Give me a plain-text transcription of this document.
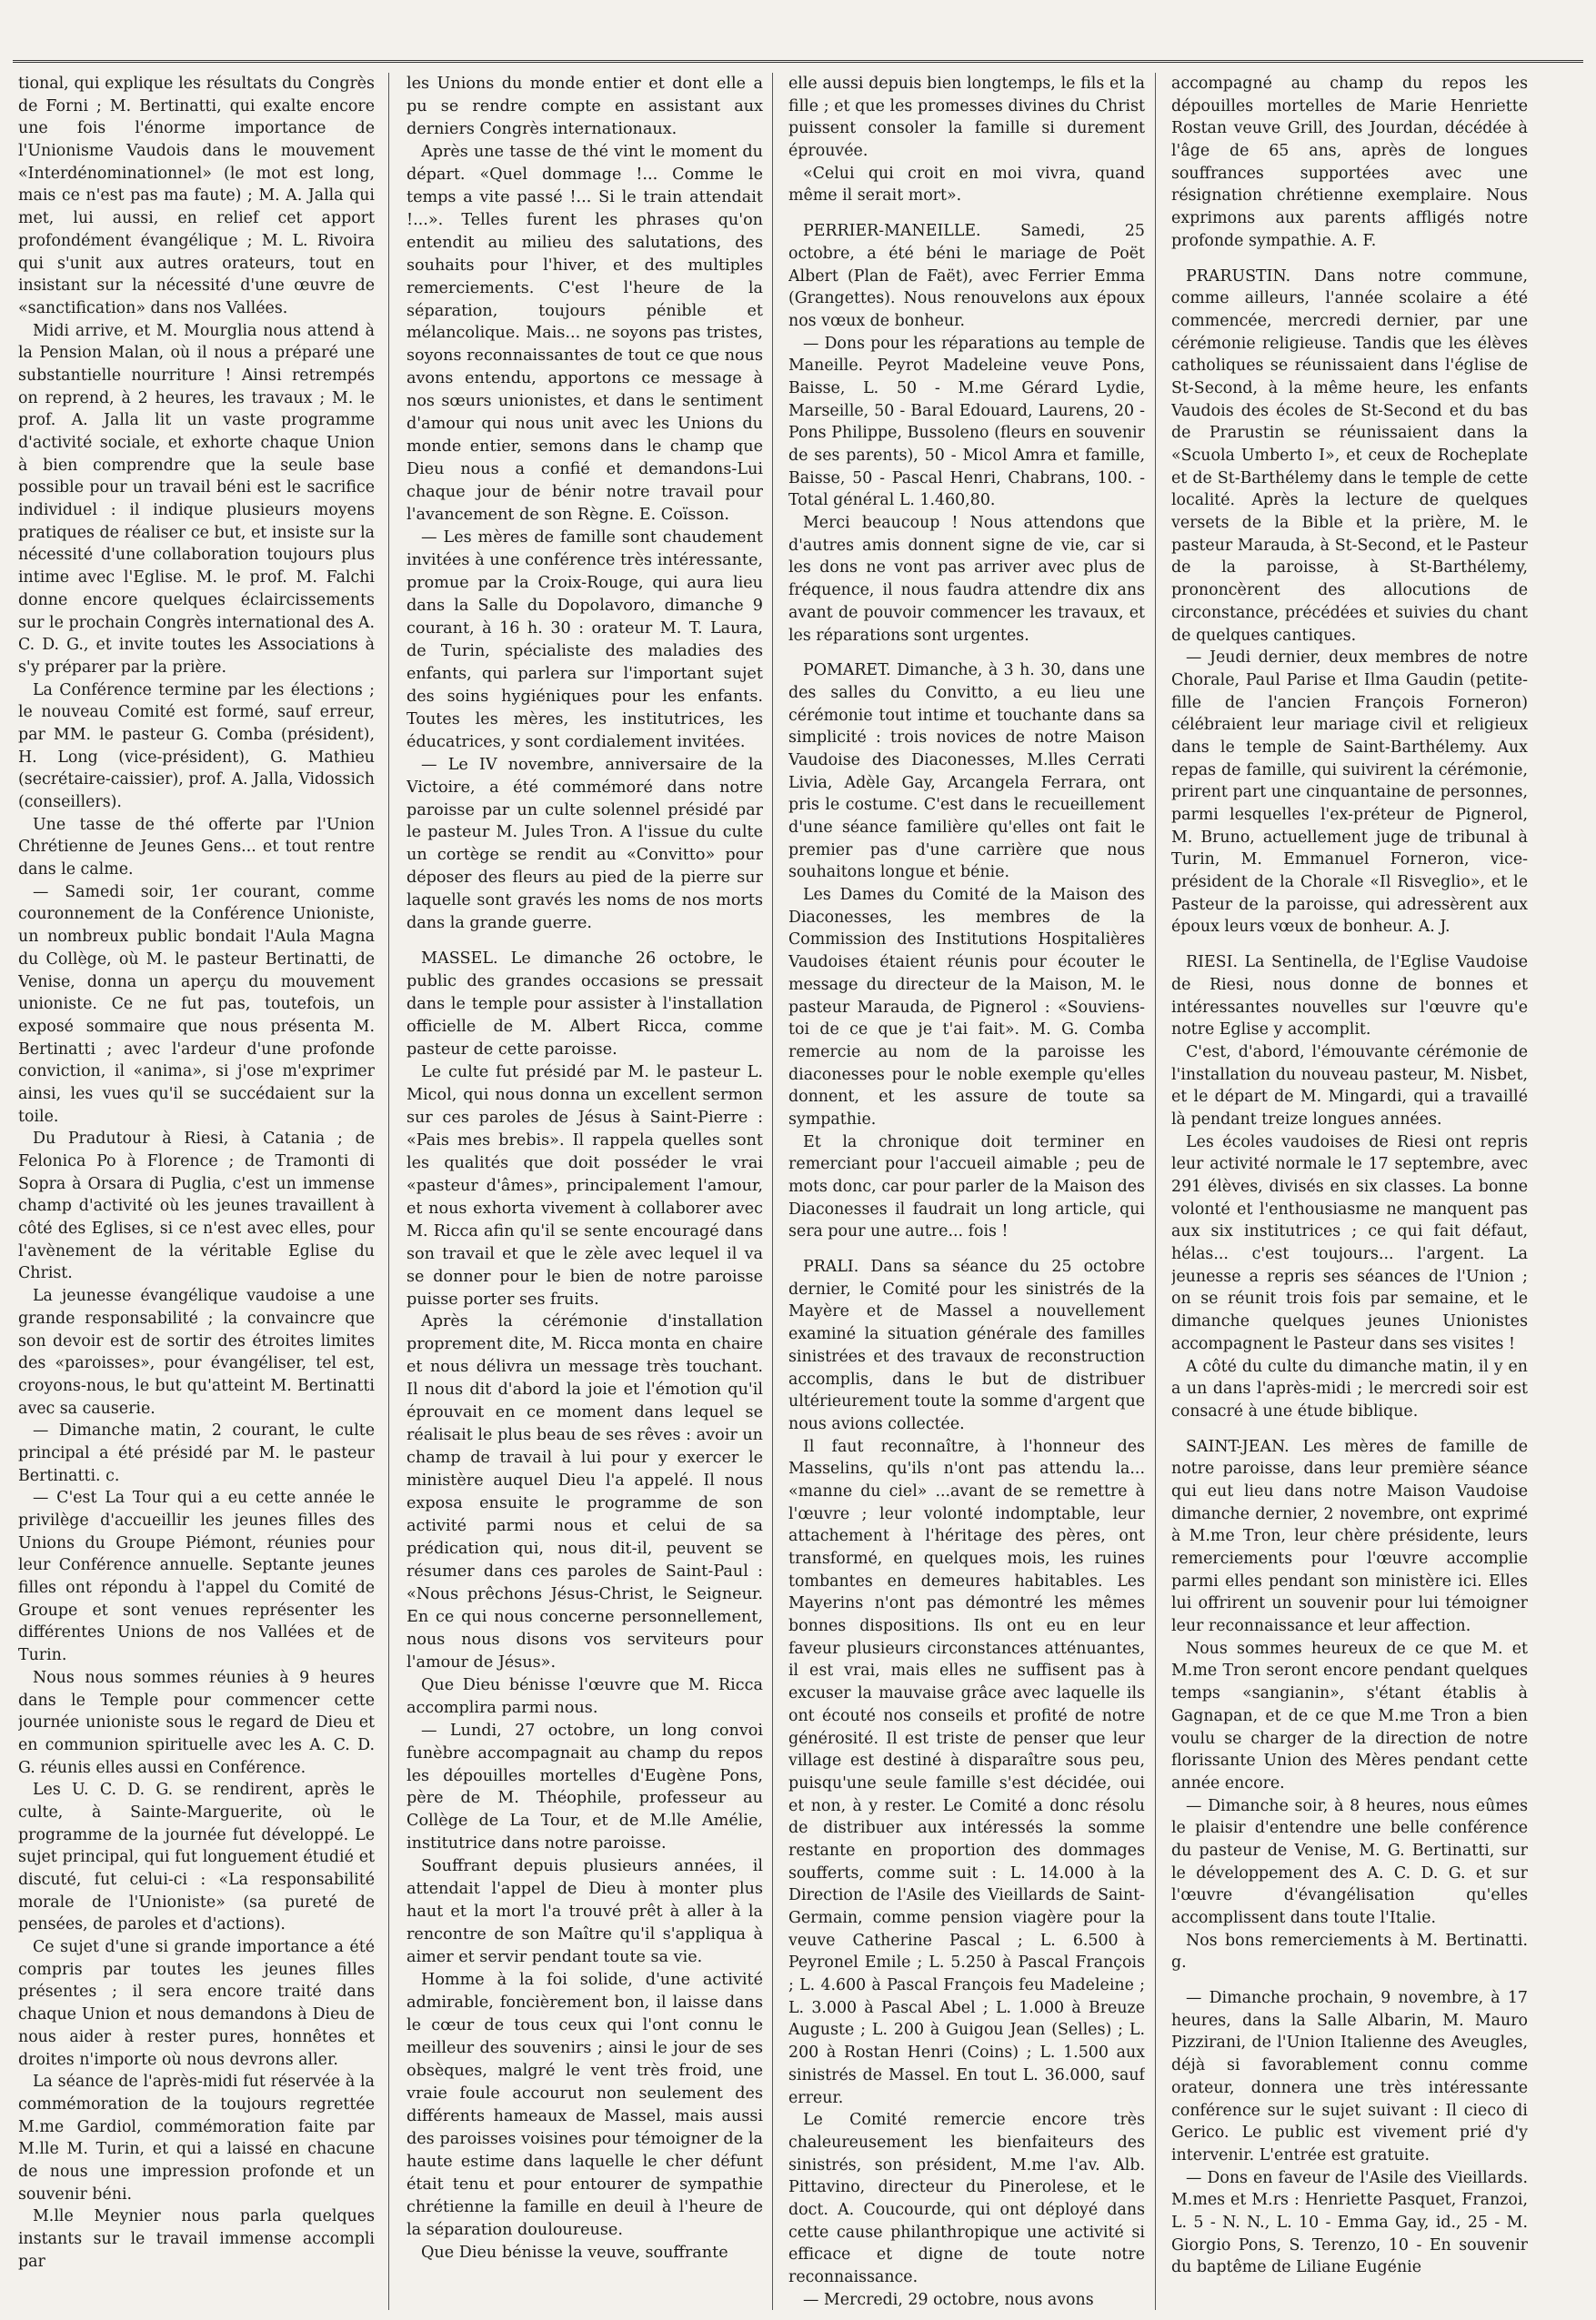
tional, qui explique les résultats du Congrès de Forni ; M. Bertinatti, qui exalte encore une fois l'énorme importance de l'Unionisme Vaudois dans le mouvement «Interdénominationnel» (le mot est long, mais ce n'est pas ma faute) ; M. A. Jalla qui met, lui aussi, en relief cet apport profondément évangélique ; M. L. Rivoira qui s'unit aux autres orateurs, tout en insistant sur la nécessité d'une œuvre de «sanctification» dans nos Vallées.

Midi arrive, et M. Mourglia nous attend à la Pension Malan, où il nous a préparé une substantielle nourriture ! Ainsi retrempés on reprend, à 2 heures, les travaux ; M. le prof. A. Jalla lit un vaste programme d'activité sociale, et exhorte chaque Union à bien comprendre que la seule base possible pour un travail béni est le sacrifice individuel : il indique plusieurs moyens pratiques de réaliser ce but, et insiste sur la nécessité d'une collaboration toujours plus intime avec l'Eglise. M. le prof. M. Falchi donne encore quelques éclaircissements sur le prochain Congrès international des A. C. D. G., et invite toutes les Associations à s'y préparer par la prière.

La Conférence termine par les élections ; le nouveau Comité est formé, sauf erreur, par MM. le pasteur G. Comba (président), H. Long (vice-président), G. Mathieu (secrétaire-caissier), prof. A. Jalla, Vidossich (conseillers).

Une tasse de thé offerte par l'Union Chrétienne de Jeunes Gens... et tout rentre dans le calme.

— Samedi soir, 1er courant, comme couronnement de la Conférence Unioniste, un nombreux public bondait l'Aula Magna du Collège, où M. le pasteur Bertinatti, de Venise, donna un aperçu du mouvement unioniste. Ce ne fut pas, toutefois, un exposé sommaire que nous présenta M. Bertinatti ; avec l'ardeur d'une profonde conviction, il «anima», si j'ose m'exprimer ainsi, les vues qu'il se succédaient sur la toile.

Du Pradutour à Riesi, à Catania ; de Felonica Po à Florence ; de Tramonti di Sopra à Orsara di Puglia, c'est un immense champ d'activité où les jeunes travaillent à côté des Eglises, si ce n'est avec elles, pour l'avènement de la véritable Eglise du Christ.

La jeunesse évangélique vaudoise a une grande responsabilité ; la convaincre que son devoir est de sortir des étroites limites des «paroisses», pour évangéliser, tel est, croyons-nous, le but qu'atteint M. Bertinatti avec sa causerie.

— Dimanche matin, 2 courant, le culte principal a été présidé par M. le pasteur Bertinatti. c.

— C'est La Tour qui a eu cette année le privilège d'accueillir les jeunes filles des Unions du Groupe Piémont, réunies pour leur Conférence annuelle. Septante jeunes filles ont répondu à l'appel du Comité de Groupe et sont venues représenter les différentes Unions de nos Vallées et de Turin.

Nous nous sommes réunies à 9 heures dans le Temple pour commencer cette journée unioniste sous le regard de Dieu et en communion spirituelle avec les A. C. D. G. réunis elles aussi en Conférence.

Les U. C. D. G. se rendirent, après le culte, à Sainte-Marguerite, où le programme de la journée fut développé. Le sujet principal, qui fut longuement étudié et discuté, fut celui-ci : «La responsabilité morale de l'Unioniste» (sa pureté de pensées, de paroles et d'actions).

Ce sujet d'une si grande importance a été compris par toutes les jeunes filles présentes ; il sera encore traité dans chaque Union et nous demandons à Dieu de nous aider à rester pures, honnêtes et droites n'importe où nous devrons aller.

La séance de l'après-midi fut réservée à la commémoration de la toujours regrettée M.me Gardiol, commémoration faite par M.lle M. Turin, et qui a laissé en chacune de nous une impression profonde et un souvenir béni.

M.lle Meynier nous parla quelques instants sur le travail immense accompli par

les Unions du monde entier et dont elle a pu se rendre compte en assistant aux derniers Congrès internationaux.

Après une tasse de thé vint le moment du départ. «Quel dommage !... Comme le temps a vite passé !... Si le train attendait !...». Telles furent les phrases qu'on entendit au milieu des salutations, des souhaits pour l'hiver, et des multiples remerciements. C'est l'heure de la séparation, toujours pénible et mélancolique. Mais... ne soyons pas tristes, soyons reconnaissantes de tout ce que nous avons entendu, apportons ce message à nos sœurs unionistes, et dans le sentiment d'amour qui nous unit avec les Unions du monde entier, semons dans le champ que Dieu nous a confié et demandons-Lui chaque jour de bénir notre travail pour l'avancement de son Règne. E. Coïsson.

— Les mères de famille sont chaudement invitées à une conférence très intéressante, promue par la Croix-Rouge, qui aura lieu dans la Salle du Dopolavoro, dimanche 9 courant, à 16 h. 30 : orateur M. T. Laura, de Turin, spécialiste des maladies des enfants, qui parlera sur l'important sujet des soins hygiéniques pour les enfants. Toutes les mères, les institutrices, les éducatrices, y sont cordialement invitées.

— Le IV novembre, anniversaire de la Victoire, a été commémoré dans notre paroisse par un culte solennel présidé par le pasteur M. Jules Tron. A l'issue du culte un cortège se rendit au «Convitto» pour déposer des fleurs au pied de la pierre sur laquelle sont gravés les noms de nos morts dans la grande guerre.

MASSEL. Le dimanche 26 octobre, le public des grandes occasions se pressait dans le temple pour assister à l'installation officielle de M. Albert Ricca, comme pasteur de cette paroisse.

Le culte fut présidé par M. le pasteur L. Micol, qui nous donna un excellent sermon sur ces paroles de Jésus à Saint-Pierre : «Pais mes brebis». Il rappela quelles sont les qualités que doit posséder le vrai «pasteur d'âmes», principalement l'amour, et nous exhorta vivement à collaborer avec M. Ricca afin qu'il se sente encouragé dans son travail et que le zèle avec lequel il va se donner pour le bien de notre paroisse puisse porter ses fruits.

Après la cérémonie d'installation proprement dite, M. Ricca monta en chaire et nous délivra un message très touchant. Il nous dit d'abord la joie et l'émotion qu'il éprouvait en ce moment dans lequel se réalisait le plus beau de ses rêves : avoir un champ de travail à lui pour y exercer le ministère auquel Dieu l'a appelé. Il nous exposa ensuite le programme de son activité parmi nous et celui de sa prédication qui, nous dit-il, peuvent se résumer dans ces paroles de Saint-Paul : «Nous prêchons Jésus-Christ, le Seigneur. En ce qui nous concerne personnellement, nous nous disons vos serviteurs pour l'amour de Jésus».

Que Dieu bénisse l'œuvre que M. Ricca accomplira parmi nous.

— Lundi, 27 octobre, un long convoi funèbre accompagnait au champ du repos les dépouilles mortelles d'Eugène Pons, père de M. Théophile, professeur au Collège de La Tour, et de M.lle Amélie, institutrice dans notre paroisse.

Souffrant depuis plusieurs années, il attendait l'appel de Dieu à monter plus haut et la mort l'a trouvé prêt à aller à la rencontre de son Maître qu'il s'appliqua à aimer et servir pendant toute sa vie.

Homme à la foi solide, d'une activité admirable, foncièrement bon, il laisse dans le cœur de tous ceux qui l'ont connu le meilleur des souvenirs ; ainsi le jour de ses obsèques, malgré le vent très froid, une vraie foule accourut non seulement des différents hameaux de Massel, mais aussi des paroisses voisines pour témoigner de la haute estime dans laquelle le cher défunt était tenu et pour entourer de sympathie chrétienne la famille en deuil à l'heure de la séparation douloureuse.

Que Dieu bénisse la veuve, souffrante

elle aussi depuis bien longtemps, le fils et la fille ; et que les promesses divines du Christ puissent consoler la famille si durement éprouvée.

«Celui qui croit en moi vivra, quand même il serait mort».

PERRIER-MANEILLE. Samedi, 25 octobre, a été béni le mariage de Poët Albert (Plan de Faët), avec Ferrier Emma (Grangettes). Nous renouvelons aux époux nos vœux de bonheur.

— Dons pour les réparations au temple de Maneille. Peyrot Madeleine veuve Pons, Baisse, L. 50 - M.me Gérard Lydie, Marseille, 50 - Baral Edouard, Laurens, 20 - Pons Philippe, Bussoleno (fleurs en souvenir de ses parents), 50 - Micol Amra et famille, Baisse, 50 - Pascal Henri, Chabrans, 100. - Total général L. 1.460,80.

Merci beaucoup ! Nous attendons que d'autres amis donnent signe de vie, car si les dons ne vont pas arriver avec plus de fréquence, il nous faudra attendre dix ans avant de pouvoir commencer les travaux, et les réparations sont urgentes.

POMARET. Dimanche, à 3 h. 30, dans une des salles du Convitto, a eu lieu une cérémonie tout intime et touchante dans sa simplicité : trois novices de notre Maison Vaudoise des Diaconesses, M.lles Cerrati Livia, Adèle Gay, Arcangela Ferrara, ont pris le costume. C'est dans le recueillement d'une séance familière qu'elles ont fait le premier pas d'une carrière que nous souhaitons longue et bénie.

Les Dames du Comité de la Maison des Diaconesses, les membres de la Commission des Institutions Hospitalières Vaudoises étaient réunis pour écouter le message du directeur de la Maison, M. le pasteur Marauda, de Pignerol : «Souviens-toi de ce que je t'ai fait». M. G. Comba remercie au nom de la paroisse les diaconesses pour le noble exemple qu'elles donnent, et les assure de toute sa sympathie.

Et la chronique doit terminer en remerciant pour l'accueil aimable ; peu de mots donc, car pour parler de la Maison des Diaconesses il faudrait un long article, qui sera pour une autre... fois !

PRALI. Dans sa séance du 25 octobre dernier, le Comité pour les sinistrés de la Mayère et de Massel a nouvellement examiné la situation générale des familles sinistrées et des travaux de reconstruction accomplis, dans le but de distribuer ultérieurement toute la somme d'argent que nous avions collectée.

Il faut reconnaître, à l'honneur des Masselins, qu'ils n'ont pas attendu la... «manne du ciel» ...avant de se remettre à l'œuvre ; leur volonté indomptable, leur attachement à l'héritage des pères, ont transformé, en quelques mois, les ruines tombantes en demeures habitables. Les Mayerins n'ont pas démontré les mêmes bonnes dispositions. Ils ont eu en leur faveur plusieurs circonstances atténuantes, il est vrai, mais elles ne suffisent pas à excuser la mauvaise grâce avec laquelle ils ont écouté nos conseils et profité de notre générosité. Il est triste de penser que leur village est destiné à disparaître sous peu, puisqu'une seule famille s'est décidée, oui et non, à y rester. Le Comité a donc résolu de distribuer aux intéressés la somme restante en proportion des dommages soufferts, comme suit : L. 14.000 à la Direction de l'Asile des Vieillards de Saint-Germain, comme pension viagère pour la veuve Catherine Pascal ; L. 6.500 à Peyronel Emile ; L. 5.250 à Pascal François ; L. 4.600 à Pascal François feu Madeleine ; L. 3.000 à Pascal Abel ; L. 1.000 à Breuze Auguste ; L. 200 à Guigou Jean (Selles) ; L. 200 à Rostan Henri (Coins) ; L. 1.500 aux sinistrés de Massel. En tout L. 36.000, sauf erreur.

Le Comité remercie encore très chaleureusement les bienfaiteurs des sinistrés, son président, M.me l'av. Alb. Pittavino, directeur du Pinerolese, et le doct. A. Coucourde, qui ont déployé dans cette cause philanthropique une activité si efficace et digne de toute notre reconnaissance.

— Mercredi, 29 octobre, nous avons

accompagné au champ du repos les dépouilles mortelles de Marie Henriette Rostan veuve Grill, des Jourdan, décédée à l'âge de 65 ans, après de longues souffrances supportées avec une résignation chrétienne exemplaire. Nous exprimons aux parents affligés notre profonde sympathie. A. F.

PRARUSTIN. Dans notre commune, comme ailleurs, l'année scolaire a été commencée, mercredi dernier, par une cérémonie religieuse. Tandis que les élèves catholiques se réunissaient dans l'église de St-Second, à la même heure, les enfants Vaudois des écoles de St-Second et du bas de Prarustin se réunissaient dans la «Scuola Umberto I», et ceux de Rocheplate et de St-Barthélemy dans le temple de cette localité. Après la lecture de quelques versets de la Bible et la prière, M. le pasteur Marauda, à St-Second, et le Pasteur de la paroisse, à St-Barthélemy, prononcèrent des allocutions de circonstance, précédées et suivies du chant de quelques cantiques.

— Jeudi dernier, deux membres de notre Chorale, Paul Parise et Ilma Gaudin (petite-fille de l'ancien François Forneron) célébraient leur mariage civil et religieux dans le temple de Saint-Barthélemy. Aux repas de famille, qui suivirent la cérémonie, prirent part une cinquantaine de personnes, parmi lesquelles l'ex-préteur de Pignerol, M. Bruno, actuellement juge de tribunal à Turin, M. Emmanuel Forneron, vice-président de la Chorale «Il Risveglio», et le Pasteur de la paroisse, qui adressèrent aux époux leurs vœux de bonheur. A. J.

RIESI. La Sentinella, de l'Eglise Vaudoise de Riesi, nous donne de bonnes et intéressantes nouvelles sur l'œuvre qu'e notre Eglise y accomplit.

C'est, d'abord, l'émouvante cérémonie de l'installation du nouveau pasteur, M. Nisbet, et le départ de M. Mingardi, qui a travaillé là pendant treize longues années.

Les écoles vaudoises de Riesi ont repris leur activité normale le 17 septembre, avec 291 élèves, divisés en six classes. La bonne volonté et l'enthousiasme ne manquent pas aux six institutrices ; ce qui fait défaut, hélas... c'est toujours... l'argent. La jeunesse a repris ses séances de l'Union ; on se réunit trois fois par semaine, et le dimanche quelques jeunes Unionistes accompagnent le Pasteur dans ses visites !

A côté du culte du dimanche matin, il y en a un dans l'après-midi ; le mercredi soir est consacré à une étude biblique.

SAINT-JEAN. Les mères de famille de notre paroisse, dans leur première séance qui eut lieu dans notre Maison Vaudoise dimanche dernier, 2 novembre, ont exprimé à M.me Tron, leur chère présidente, leurs remerciements pour l'œuvre accomplie parmi elles pendant son ministère ici. Elles lui offrirent un souvenir pour lui témoigner leur reconnaissance et leur affection.

Nous sommes heureux de ce que M. et M.me Tron seront encore pendant quelques temps «sangianin», s'étant établis à Gagnapan, et de ce que M.me Tron a bien voulu se charger de la direction de notre florissante Union des Mères pendant cette année encore.

— Dimanche soir, à 8 heures, nous eûmes le plaisir d'entendre une belle conférence du pasteur de Venise, M. G. Bertinatti, sur le développement des A. C. D. G. et sur l'œuvre d'évangélisation qu'elles accomplissent dans toute l'Italie.

Nos bons remerciements à M. Bertinatti. g.

— Dimanche prochain, 9 novembre, à 17 heures, dans la Salle Albarin, M. Mauro Pizzirani, de l'Union Italienne des Aveugles, déjà si favorablement connu comme orateur, donnera une très intéressante conférence sur le sujet suivant : Il cieco di Gerico. Le public est vivement prié d'y intervenir. L'entrée est gratuite.

— Dons en faveur de l'Asile des Vieillards. M.mes et M.rs : Henriette Pasquet, Franzoi, L. 5 - N. N., L. 10 - Emma Gay, id., 25 - M. Giorgio Pons, S. Terenzo, 10 - En souvenir du baptême de Liliane Eugénie
